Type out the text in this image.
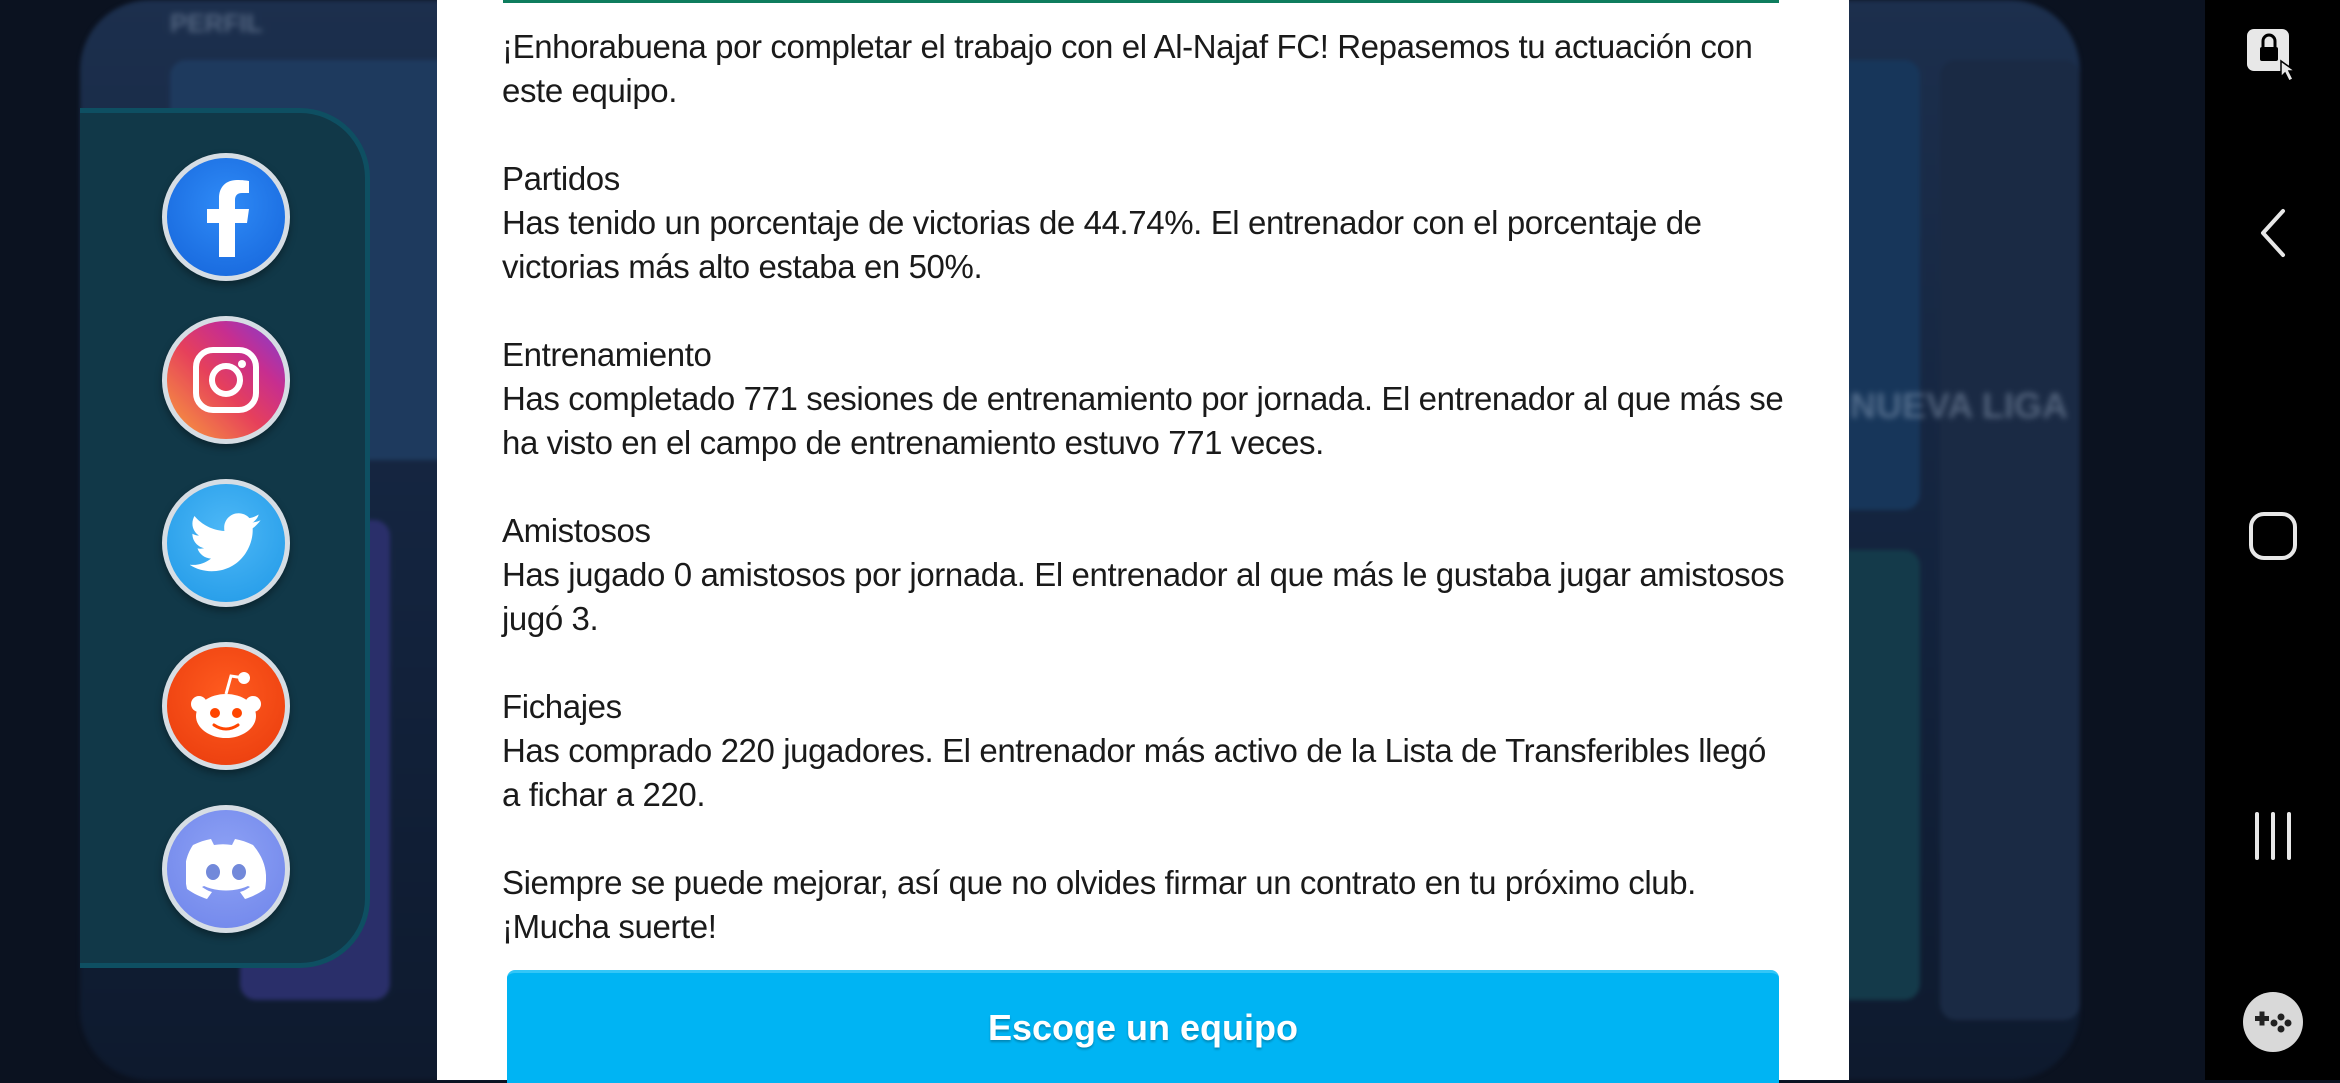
PERFIL
NUEVA LIGA
¡Enhorabuena por completar el trabajo con el Al-Najaf FC! Repasemos tu actuación con este equipo.
Partidos
Has tenido un porcentaje de victorias de 44.74%. El entrenador con el porcentaje de victorias más alto estaba en 50%.
Entrenamiento
Has completado 771 sesiones de entrenamiento por jornada. El entrenador al que más se ha visto en el campo de entrenamiento estuvo 771 veces.
Amistosos
Has jugado 0 amistosos por jornada. El entrenador al que más le gustaba jugar amistosos jugó 3.
Fichajes
Has comprado 220 jugadores. El entrenador más activo de la Lista de Transferibles llegó a fichar a 220.
Siempre se puede mejorar, así que no olvides firmar un contrato en tu próximo club. ¡Mucha suerte!
Escoge un equipo
